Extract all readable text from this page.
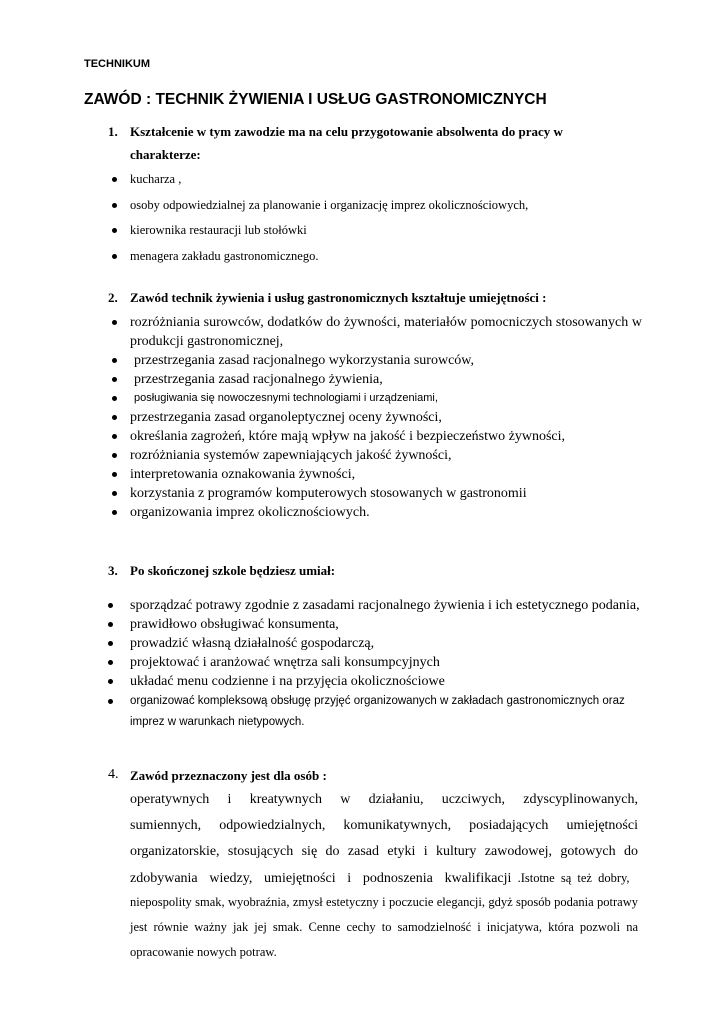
TECHNIKUM
ZAWÓD : TECHNIK ŻYWIENIA I USŁUG GASTRONOMICZNYCH
1. Kształcenie w tym zawodzie ma na celu przygotowanie absolwenta do pracy w
charakterze:
kucharza ,
osoby odpowiedzialnej za planowanie i organizację imprez okolicznościowych,
kierownika restauracji lub stołówki
menagera zakładu gastronomicznego.
2. Zawód technik żywienia i usług gastronomicznych kształtuje umiejętności :
rozróżniania surowców, dodatków do żywności, materiałów pomocniczych stosowanych w produkcji gastronomicznej,
przestrzegania zasad racjonalnego wykorzystania surowców,
przestrzegania zasad racjonalnego żywienia,
posługiwania się nowoczesnymi technologiami i urządzeniami,
przestrzegania zasad organoleptycznej oceny żywności,
określania zagrożeń, które mają wpływ na jakość i bezpieczeństwo żywności,
rozróżniania systemów zapewniających jakość żywności,
interpretowania oznakowania żywności,
korzystania z programów komputerowych stosowanych w gastronomii
organizowania imprez okolicznościowych.
3. Po skończonej szkole będziesz umiał:
sporządzać potrawy zgodnie z zasadami racjonalnego żywienia i ich estetycznego podania,
prawidłowo obsługiwać konsumenta,
prowadzić własną działalność gospodarczą,
projektować i aranżować wnętrza sali konsumpcyjnych
układać menu codzienne i na przyjęcia okolicznościowe
organizować kompleksową obsługę przyjęć organizowanych w zakładach gastronomicznych oraz imprez w warunkach nietypowych.
4. Zawód przeznaczony jest dla osób :
operatywnych i kreatywnych w działaniu, uczciwych, zdyscyplinowanych,
sumiennych, odpowiedzialnych, komunikatywnych, posiadających umiejętności
organizatorskie, stosujących się do zasad etyki i kultury zawodowej, gotowych do
zdobywania wiedzy, umiejętności i podnoszenia kwalifikacji .Istotne są też dobry,
niepospolity smak, wyobraźnia, zmysł estetyczny i poczucie elegancji, gdyż sposób podania potrawy jest równie ważny jak jej smak. Cenne cechy to samodzielność i inicjatywa, która pozwoli na opracowanie nowych potraw.
